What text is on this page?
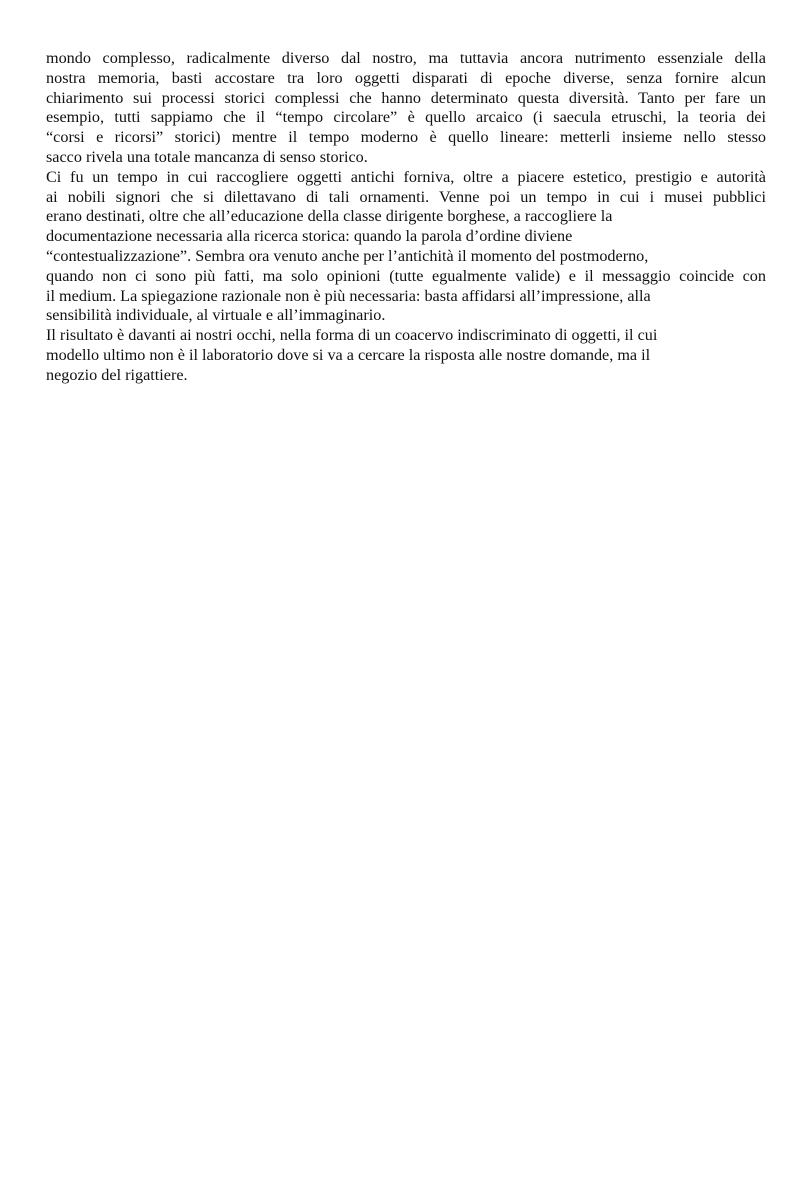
mondo complesso, radicalmente diverso dal nostro, ma tuttavia ancora nutrimento essenziale della
nostra memoria, basti accostare tra loro oggetti disparati di epoche diverse, senza fornire alcun
chiarimento sui processi storici complessi che hanno determinato questa diversità. Tanto per fare un
esempio, tutti sappiamo che il “tempo circolare” è quello arcaico (i saecula etruschi, la teoria dei
“corsi e ricorsi” storici) mentre il tempo moderno è quello lineare: metterli insieme nello stesso
sacco rivela una totale mancanza di senso storico.
Ci fu un tempo in cui raccogliere oggetti antichi forniva, oltre a piacere estetico, prestigio e autorità
ai nobili signori che si dilettavano di tali ornamenti. Venne poi un tempo in cui i musei pubblici
erano destinati, oltre che all’educazione della classe dirigente borghese, a raccogliere la
documentazione necessaria alla ricerca storica: quando la parola d’ordine diviene
“contestualizzazione”. Sembra ora venuto anche per l’antichità il momento del postmoderno,
quando non ci sono più fatti, ma solo opinioni (tutte egualmente valide) e il messaggio coincide con
il medium. La spiegazione razionale non è più necessaria: basta affidarsi all’impressione, alla
sensibilità individuale, al virtuale e all’immaginario.
Il risultato è davanti ai nostri occhi, nella forma di un coacervo indiscriminato di oggetti, il cui
modello ultimo non è il laboratorio dove si va a cercare la risposta alle nostre domande, ma il
negozio del rigattiere.
